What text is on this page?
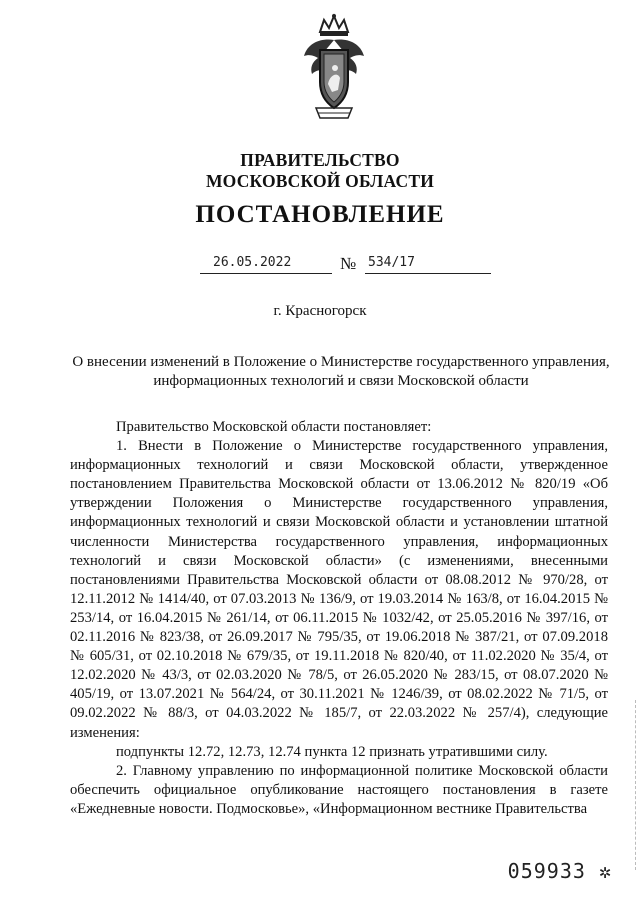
ПРАВИТЕЛЬСТВО
МОСКОВСКОЙ ОБЛАСТИ
ПОСТАНОВЛЕНИЕ
26.05.2022	№ 534/17
г. Красногорск
О внесении изменений в Положение о Министерстве государственного управления, информационных технологий и связи Московской области

Правительство Московской области постановляет:

1. Внести в Положение о Министерстве государственного управления, информационных технологий и связи Московской области, утвержденное постановлением Правительства Московской области от 13.06.2012 № 820/19 «Об утверждении Положения о Министерстве государственного управления, информационных технологий и связи Московской области и установлении штатной численности Министерства государственного управления, информационных технологий и связи Московской области» (с изменениями, внесенными постановлениями Правительства Московской области от 08.08.2012 № 970/28, от 12.11.2012 № 1414/40, от 07.03.2013 № 136/9, от 19.03.2014 № 163/8, от 16.04.2015 № 253/14, от 16.04.2015 № 261/14, от 06.11.2015 № 1032/42, от 25.05.2016 № 397/16, от 02.11.2016 № 823/38, от 26.09.2017 № 795/35, от 19.06.2018 № 387/21, от 07.09.2018 № 605/31, от 02.10.2018 № 679/35, от 19.11.2018 № 820/40, от 11.02.2020 № 35/4, от 12.02.2020 № 43/3, от 02.03.2020 № 78/5, от 26.05.2020 № 283/15, от 08.07.2020 № 405/19, от 13.07.2021 № 564/24, от 30.11.2021 № 1246/39, от 08.02.2022 № 71/5, от 09.02.2022 № 88/3, от 04.03.2022 № 185/7, от 22.03.2022 № 257/4), следующие изменения:

подпункты 12.72, 12.73, 12.74 пункта 12 признать утратившими силу.

2. Главному управлению по информационной политике Московской области обеспечить официальное опубликование настоящего постановления в газете «Ежедневные новости. Подмосковье», «Информационном вестнике Правительства

059933 ✲
